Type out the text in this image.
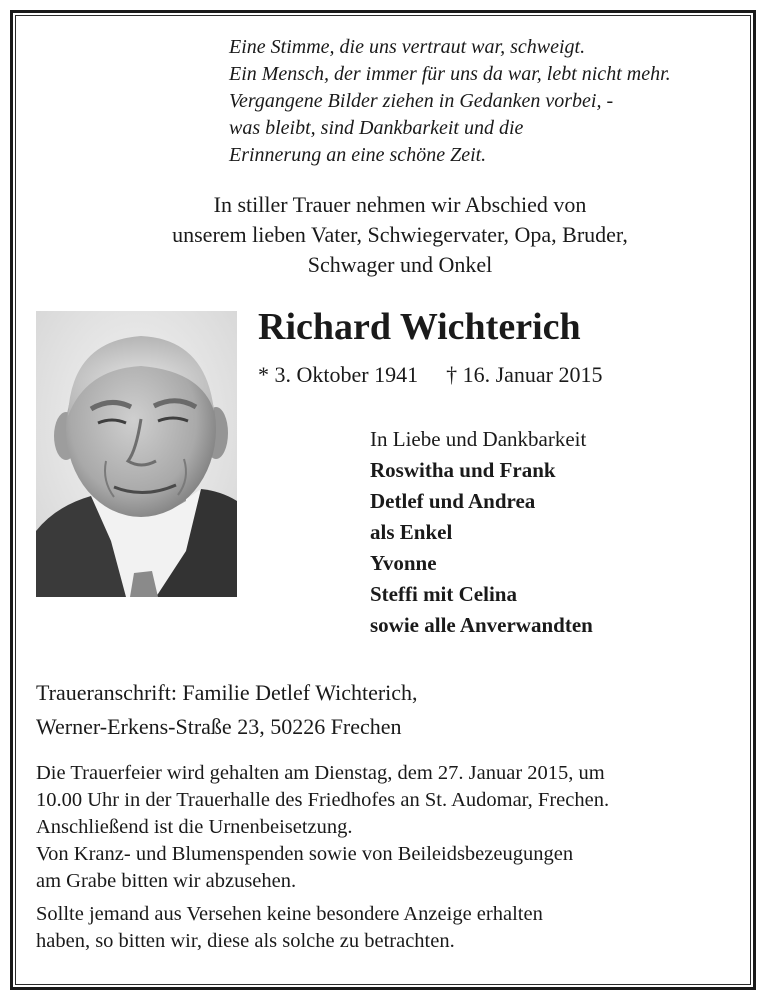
Eine Stimme, die uns vertraut war, schweigt.
Ein Mensch, der immer für uns da war, lebt nicht mehr.
Vergangene Bilder ziehen in Gedanken vorbei, -
was bleibt, sind Dankbarkeit und die
Erinnerung an eine schöne Zeit.
In stiller Trauer nehmen wir Abschied von
unserem lieben Vater, Schwiegervater, Opa, Bruder,
Schwager und Onkel
Richard Wichterich
* 3. Oktober 1941 † 16. Januar 2015
In Liebe und Dankbarkeit
Roswitha und Frank
Detlef und Andrea
als Enkel
Yvonne
Steffi mit Celina
sowie alle Anverwandten
Traueranschrift: Familie Detlef Wichterich,
Werner-Erkens-Straße 23, 50226 Frechen
Die Trauerfeier wird gehalten am Dienstag, dem 27. Januar 2015, um
10.00 Uhr in der Trauerhalle des Friedhofes an St. Audomar, Frechen.
Anschließend ist die Urnenbeisetzung.
Von Kranz- und Blumenspenden sowie von Beileidsbezeugungen
am Grabe bitten wir abzusehen.
Sollte jemand aus Versehen keine besondere Anzeige erhalten
haben, so bitten wir, diese als solche zu betrachten.
